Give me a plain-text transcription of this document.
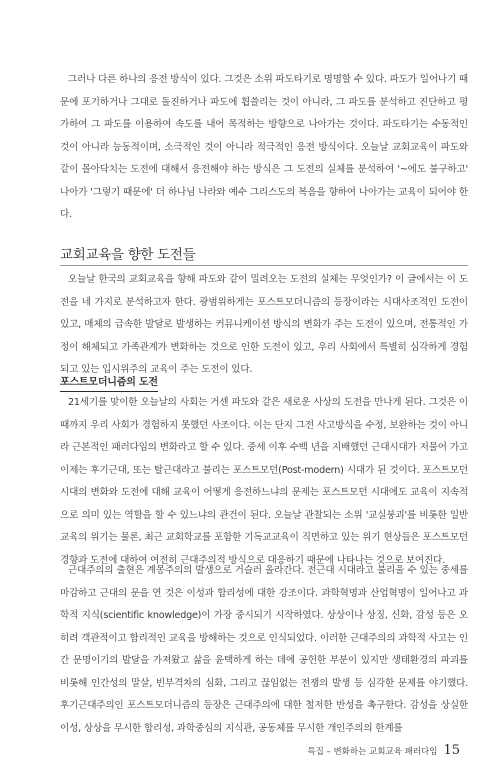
그러나 다른 하나의 응전 방식이 있다. 그것은 소위 파도타기로 명명할 수 있다. 파도가 일어나기 때문에 포기하거나 그대로 돌진하거나 파도에 휩쓸리는 것이 아니라, 그 파도를 분석하고 진단하고 평가하여 그 파도를 이용하여 속도를 내어 목적하는 방향으로 나아가는 것이다. 파도타기는 수동적인 것이 아니라 능동적이며, 소극적인 것이 아니라 적극적인 응전 방식이다. 오늘날 교회교육이 파도와 같이 몰아닥치는 도전에 대해서 응전해야 하는 방식은 그 도전의 실체를 분석하여 '~에도 불구하고' 나아가 '그렇기 때문에' 더 하나님 나라와 예수 그리스도의 복음을 향하여 나아가는 교육이 되어야 한다.

교회교육을 향한 도전들

오늘날 한국의 교회교육을 향해 파도와 같이 밀려오는 도전의 실체는 무엇인가? 이 글에서는 이 도전을 네 가지로 분석하고자 한다. 광범위하게는 포스트모더니즘의 등장이라는 시대사조적인 도전이 있고, 매체의 급속한 발달로 발생하는 커뮤니케이션 방식의 변화가 주는 도전이 있으며, 전통적인 가정이 해체되고 가족관계가 변화하는 것으로 인한 도전이 있고, 우리 사회에서 특별히 심각하게 경험되고 있는 입시위주의 교육이 주는 도전이 있다.

포스트모더니즘의 도전

21세기를 맞이한 오늘날의 사회는 거센 파도와 같은 새로운 사상의 도전을 만나게 된다. 그것은 이때까지 우리 사회가 경험하지 못했던 사조이다. 이는 단지 그전 사고방식을 수정, 보완하는 것이 아니라 근본적인 패러다임의 변화라고 할 수 있다. 중세 이후 수백 년을 지배했던 근대시대가 저물어 가고 이제는 후기근대, 또는 탈근대라고 불리는 포스트모던(Post-modern) 시대가 된 것이다. 포스트모던 시대의 변화와 도전에 대해 교육이 어떻게 응전하느냐의 문제는 포스트모던 시대에도 교육이 지속적으로 의미 있는 역할을 할 수 있느냐의 관건이 된다. 오늘날 관찰되는 소위 '교실붕괴'를 비롯한 일반교육의 위기는 물론, 최근 교회학교를 포함한 기독교교육이 직면하고 있는 위기 현상들은 포스트모던 경향과 도전에 대하여 여전히 근대주의적 방식으로 대응하기 때문에 나타나는 것으로 보여진다.

근대주의의 출현은 계몽주의의 발생으로 거슬러 올라간다. 전근대 시대라고 불리울 수 있는 중세를 마감하고 근대의 문을 연 것은 이성과 합리성에 대한 강조이다. 과학혁명과 산업혁명이 일어나고 과학적 지식(scientific knowledge)이 가장 중시되기 시작하였다. 상상이나 상징, 신화, 감성 등은 오히려 객관적이고 합리적인 교육을 방해하는 것으로 인식되었다. 이러한 근대주의의 과학적 사고는 인간 문명이기의 발달을 가져왔고 삶을 윤택하게 하는 데에 공헌한 부분이 있지만 생태환경의 파괴를 비롯해 인간성의 말살, 빈부격차의 심화, 그리고 끊임없는 전쟁의 발생 등 심각한 문제를 야기했다. 후기근대주의인 포스트모더니즘의 등장은 근대주의에 대한 철저한 반성을 촉구한다. 감성을 상실한 이성, 상상을 무시한 합리성, 과학중심의 지식관, 공동체를 무시한 개인주의의 한계를

특집 – 변화하는 교회교육 패러다임 15
